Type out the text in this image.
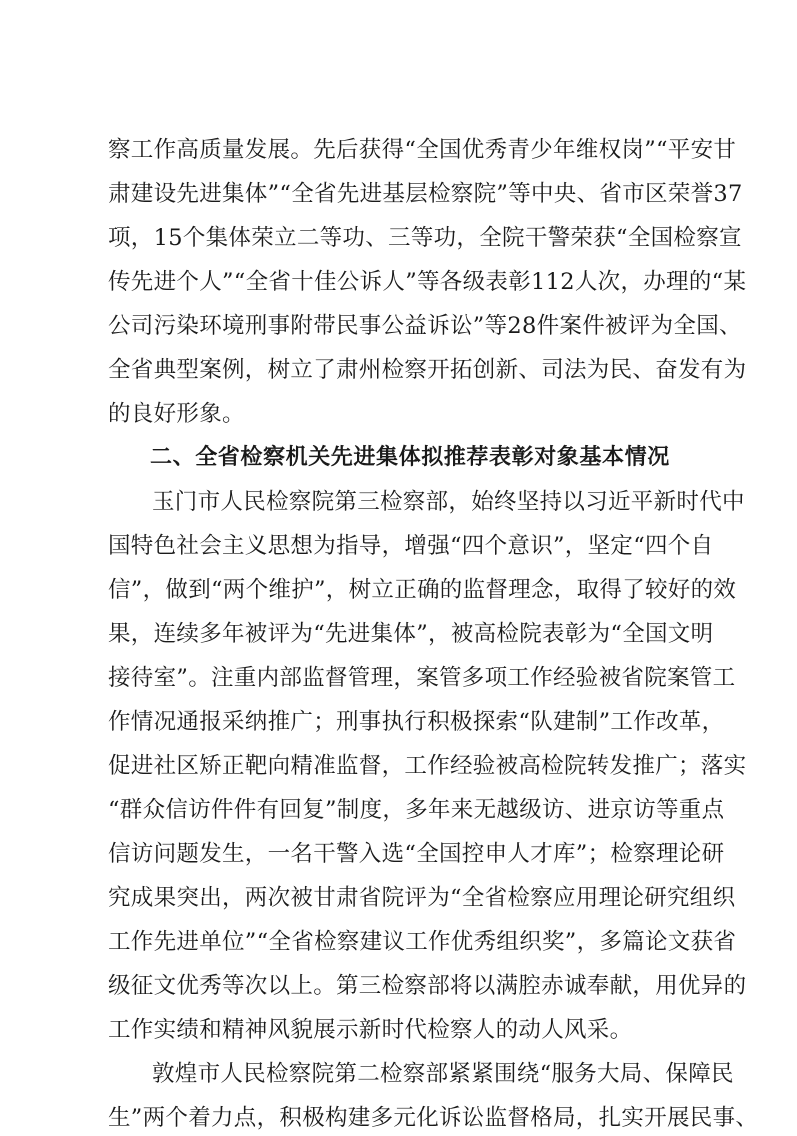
察工作高质量发展。先后获得“全国优秀青少年维权岗”“平安甘
肃建设先进集体”“全省先进基层检察院”等中央、省市区荣誉37
项，15个集体荣立二等功、三等功，全院干警荣获“全国检察宣
传先进个人”“全省十佳公诉人”等各级表彰112人次，办理的“某
公司污染环境刑事附带民事公益诉讼”等28件案件被评为全国、
全省典型案例，树立了肃州检察开拓创新、司法为民、奋发有为
的良好形象。
二、全省检察机关先进集体拟推荐表彰对象基本情况
玉门市人民检察院第三检察部，始终坚持以习近平新时代中
国特色社会主义思想为指导，增强“四个意识”，坚定“四个自
信”，做到“两个维护”，树立正确的监督理念，取得了较好的效
果，连续多年被评为“先进集体”，被高检院表彰为“全国文明
接待室”。注重内部监督管理，案管多项工作经验被省院案管工
作情况通报采纳推广；刑事执行积极探索“队建制”工作改革，
促进社区矫正靶向精准监督，工作经验被高检院转发推广；落实
“群众信访件件有回复”制度，多年来无越级访、进京访等重点
信访问题发生，一名干警入选“全国控申人才库”；检察理论研
究成果突出，两次被甘肃省院评为“全省检察应用理论研究组织
工作先进单位”“全省检察建议工作优秀组织奖”，多篇论文获省
级征文优秀等次以上。第三检察部将以满腔赤诚奉献，用优异的
工作实绩和精神风貌展示新时代检察人的动人风采。
敦煌市人民检察院第二检察部紧紧围绕“服务大局、保障民
生”两个着力点，积极构建多元化诉讼监督格局，扎实开展民事、
